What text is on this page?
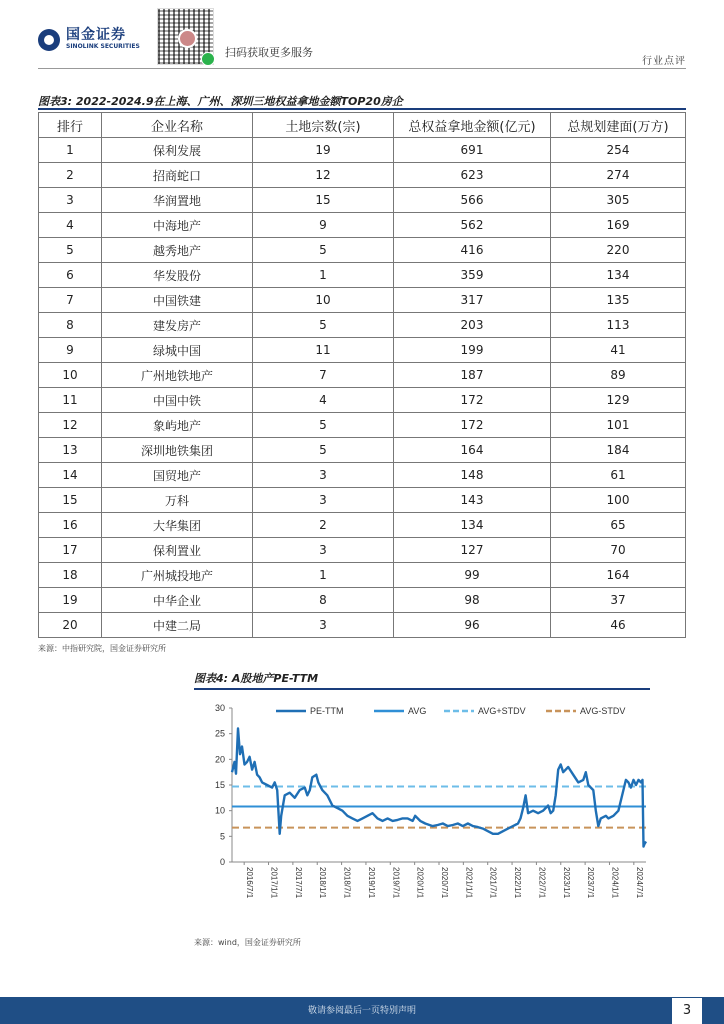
国金证券
SINOLINK SECURITIES	扫码获取更多服务
行业点评
图表3: 2022-2024.9在上海、广州、深圳三地权益拿地金额TOP20房企
排行	企业名称	土地宗数(宗)	总权益拿地金额(亿元)	总规划建面(万方)
1	保利发展	19	691	254
2	招商蛇口	12	623	274
3	华润置地	15	566	305
4	中海地产	9	562	169
5	越秀地产	5	416	220
6	华发股份	1	359	134
7	中国铁建	10	317	135
8	建发房产	5	203	113
9	绿城中国	11	199	41
10	广州地铁地产	7	187	89
11	中国中铁	4	172	129
12	象屿地产	5	172	101
13	深圳地铁集团	5	164	184
14	国贸地产	3	148	61
15	万科	3	143	100
16	大华集团	2	134	65
17	保利置业	3	127	70
18	广州城投地产	1	99	164
19	中华企业	8	98	37
20	中建二局	3	96	46
来源：中指研究院，国金证券研究所
图表4: A股地产PE-TTM
0
5
10
15
20
25
30
2016/7/1 2017/1/1 2017/7/1 2018/1/1 2018/7/1 2019/1/1 2019/7/1 2020/1/1 2020/7/1 2021/1/1 2021/7/1 2022/1/1 2022/7/1 2023/1/1 2023/7/1 2024/1/1 2024/7/1
PE-TTM	AVG	AVG+STDV	AVG-STDV
来源：wind，国金证券研究所
敬请参阅最后一页特别声明	3
